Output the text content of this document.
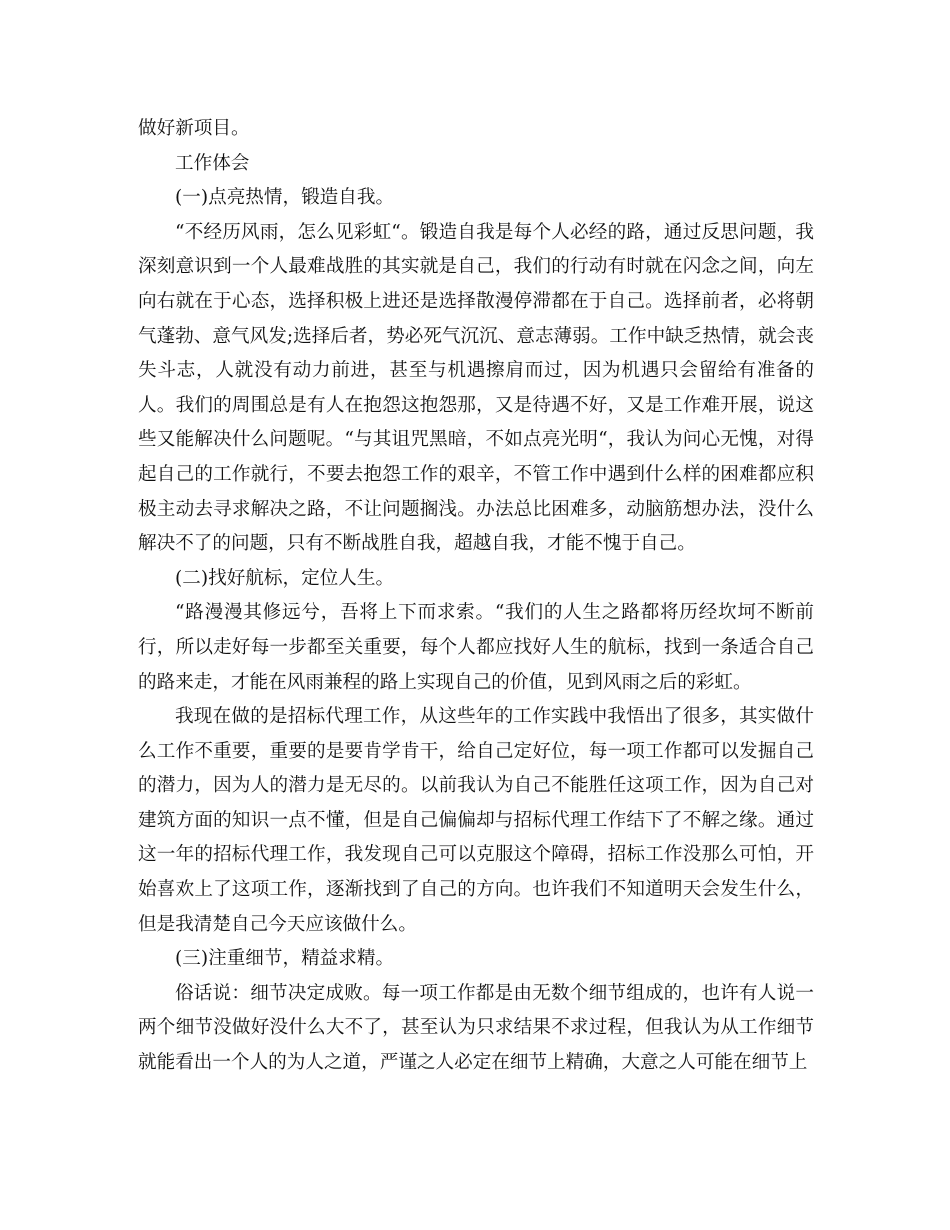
做好新项目。

工作体会

(一)点亮热情，锻造自我。

“不经历风雨，怎么见彩虹“。锻造自我是每个人必经的路，通过反思问题，我深刻意识到一个人最难战胜的其实就是自己，我们的行动有时就在闪念之间，向左向右就在于心态，选择积极上进还是选择散漫停滞都在于自己。选择前者，必将朝气蓬勃、意气风发;选择后者，势必死气沉沉、意志薄弱。工作中缺乏热情，就会丧失斗志，人就没有动力前进，甚至与机遇擦肩而过，因为机遇只会留给有准备的人。我们的周围总是有人在抱怨这抱怨那，又是待遇不好，又是工作难开展，说这些又能解决什么问题呢。“与其诅咒黑暗，不如点亮光明“，我认为问心无愧，对得起自己的工作就行，不要去抱怨工作的艰辛，不管工作中遇到什么样的困难都应积极主动去寻求解决之路，不让问题搁浅。办法总比困难多，动脑筋想办法，没什么解决不了的问题，只有不断战胜自我，超越自我，才能不愧于自己。

(二)找好航标，定位人生。

“路漫漫其修远兮，吾将上下而求索。“我们的人生之路都将历经坎坷不断前行，所以走好每一步都至关重要，每个人都应找好人生的航标，找到一条适合自己的路来走，才能在风雨兼程的路上实现自己的价值，见到风雨之后的彩虹。

我现在做的是招标代理工作，从这些年的工作实践中我悟出了很多，其实做什么工作不重要，重要的是要肯学肯干，给自己定好位，每一项工作都可以发掘自己的潜力，因为人的潜力是无尽的。以前我认为自己不能胜任这项工作，因为自己对建筑方面的知识一点不懂，但是自己偏偏却与招标代理工作结下了不解之缘。通过这一年的招标代理工作，我发现自己可以克服这个障碍，招标工作没那么可怕，开始喜欢上了这项工作，逐渐找到了自己的方向。也许我们不知道明天会发生什么，但是我清楚自己今天应该做什么。

(三)注重细节，精益求精。

俗话说：细节决定成败。每一项工作都是由无数个细节组成的，也许有人说一两个细节没做好没什么大不了，甚至认为只求结果不求过程，但我认为从工作细节就能看出一个人的为人之道，严谨之人必定在细节上精确，大意之人可能在细节上
